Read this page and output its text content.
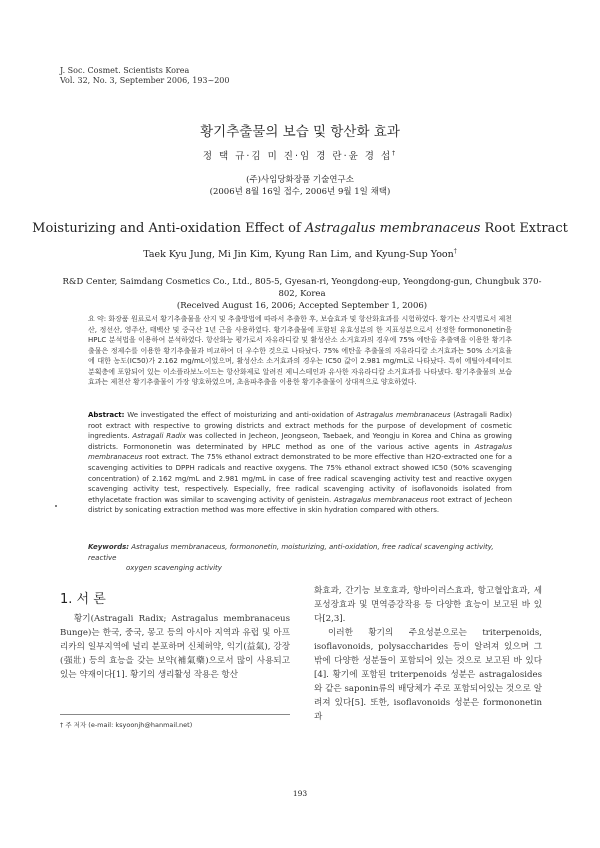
J. Soc. Cosmet. Scientists Korea
Vol. 32, No. 3, September 2006, 193~200
황기추출물의 보습 및 항산화 효과
정 택 규·김 미 진·임 경 란·윤 경 섭†
(주)사임당화장품 기술연구소
(2006년 8월 16일 접수, 2006년 9월 1일 채택)
Moisturizing and Anti-oxidation Effect of Astragalus membranaceus Root Extract
Taek Kyu Jung, Mi Jin Kim, Kyung Ran Lim, and Kyung-Sup Yoon†
R&D Center, Saimdang Cosmetics Co., Ltd., 805-5, Gyesan-ri, Yeongdong-eup, Yeongdong-gun, Chungbuk 370-802, Korea
(Received August 16, 2006; Accepted September 1, 2006)
요 약: 화장품 원료로서 황기추출물을 산지 및 추출방법에 따라서 추출한 후, 보습효과 및 항산화효과를 시험하였다. 황기는 산지별로서 제천산, 정선산, 영주산, 태백산 및 중국산 1년 근을 사용하였다. 황기추출물에 포함된 유효성분의 한 지표성분으로서 선정한 formononetin을 HPLC 분석법을 이용하여 분석하였다. 항산화능 평가로서 자유라디칼 및 활성산소 소거효과의 경우에 75% 에탄올 추출액을 이용한 황기추출물은 정제수를 이용한 황기추출물과 비교하여 더 우수한 것으로 나타났다. 75% 에탄올 추출물의 자유라디칼 소거효과는 50% 소거효율에 대한 농도(IC50)가 2.162 mg/mL이었으며, 활성산소 소거효과의 경우는 IC50 값이 2.981 mg/mL로 나타났다. 특히 에틸아세테이트 분획층에 포함되어 있는 이소플라보노이드는 항산화제로 알려진 제니스테인과 유사한 자유라디칼 소거효과를 나타냈다. 황기추출물의 보습효과는 제천산 황기추출물이 가장 양호하였으며, 초음파추출을 이용한 황기추출물이 상대적으로 양호하였다.
Abstract: We investigated the effect of moisturizing and anti-oxidation of Astragalus membranaceus (Astragali Radix) root extract with respective to growing districts and extract methods for the purpose of development of cosmetic ingredients. Astragali Radix was collected in Jecheon, Jeongseon, Taebaek, and Yeongju in Korea and China as growing districts. Formononetin was determinated by HPLC method as one of the various active agents in Astragalus membranaceus root extract. The 75% ethanol extract demonstrated to be more effective than H2O-extracted one for a scavenging activities to DPPH radicals and reactive oxygens. The 75% ethanol extract showed IC50 (50% scavenging concentration) of 2.162 mg/mL and 2.981 mg/mL in case of free radical scavenging activity test and reactive oxygen scavenging activity test, respectively. Especially, free radical scavenging activity of isoflavonoids isolated from ethylacetate fraction was similar to scavenging activity of genistein. Astragalus membranaceus root extract of Jecheon district by sonicating extraction method was more effective in skin hydration compared with others.
Keywords: Astragalus membranaceus, formononetin, moisturizing, anti-oxidation, free radical scavenging activity, reactive
oxygen scavenging activity
1. 서 론

황기(Astragali Radix; Astragalus membranaceus Bunge)는 한국, 중국, 몽고 등의 아시아 지역과 유럽 및 아프리카의 일부지역에 널리 분포하며 신체허약, 익기(益氣), 강장(强壯) 등의 효능을 갖는 보약(補氣藥)으로서 많이 사용되고 있는 약재이다[1]. 황기의 생리활성 작용은 항산

화효과, 간기능 보호효과, 항바이러스효과, 항고혈압효과, 세포성장효과 및 면역증강작용 등 다양한 효능이 보고된 바 있다[2,3].

이러한 황기의 주요성분으로는 triterpenoids, isoflavonoids, polysaccharides 등이 알려져 있으며 그 밖에 다양한 성분들이 포함되어 있는 것으로 보고된 바 있다[4]. 황기에 포함된 triterpenoids 성분은 astragalosides와 같은 saponin류의 배당체가 주로 포함되어있는 것으로 알려져 있다[5]. 또한, isoflavonoids 성분은 formononetin과

† 주 저자 (e-mail: ksyoonjh@hanmail.net)
193
